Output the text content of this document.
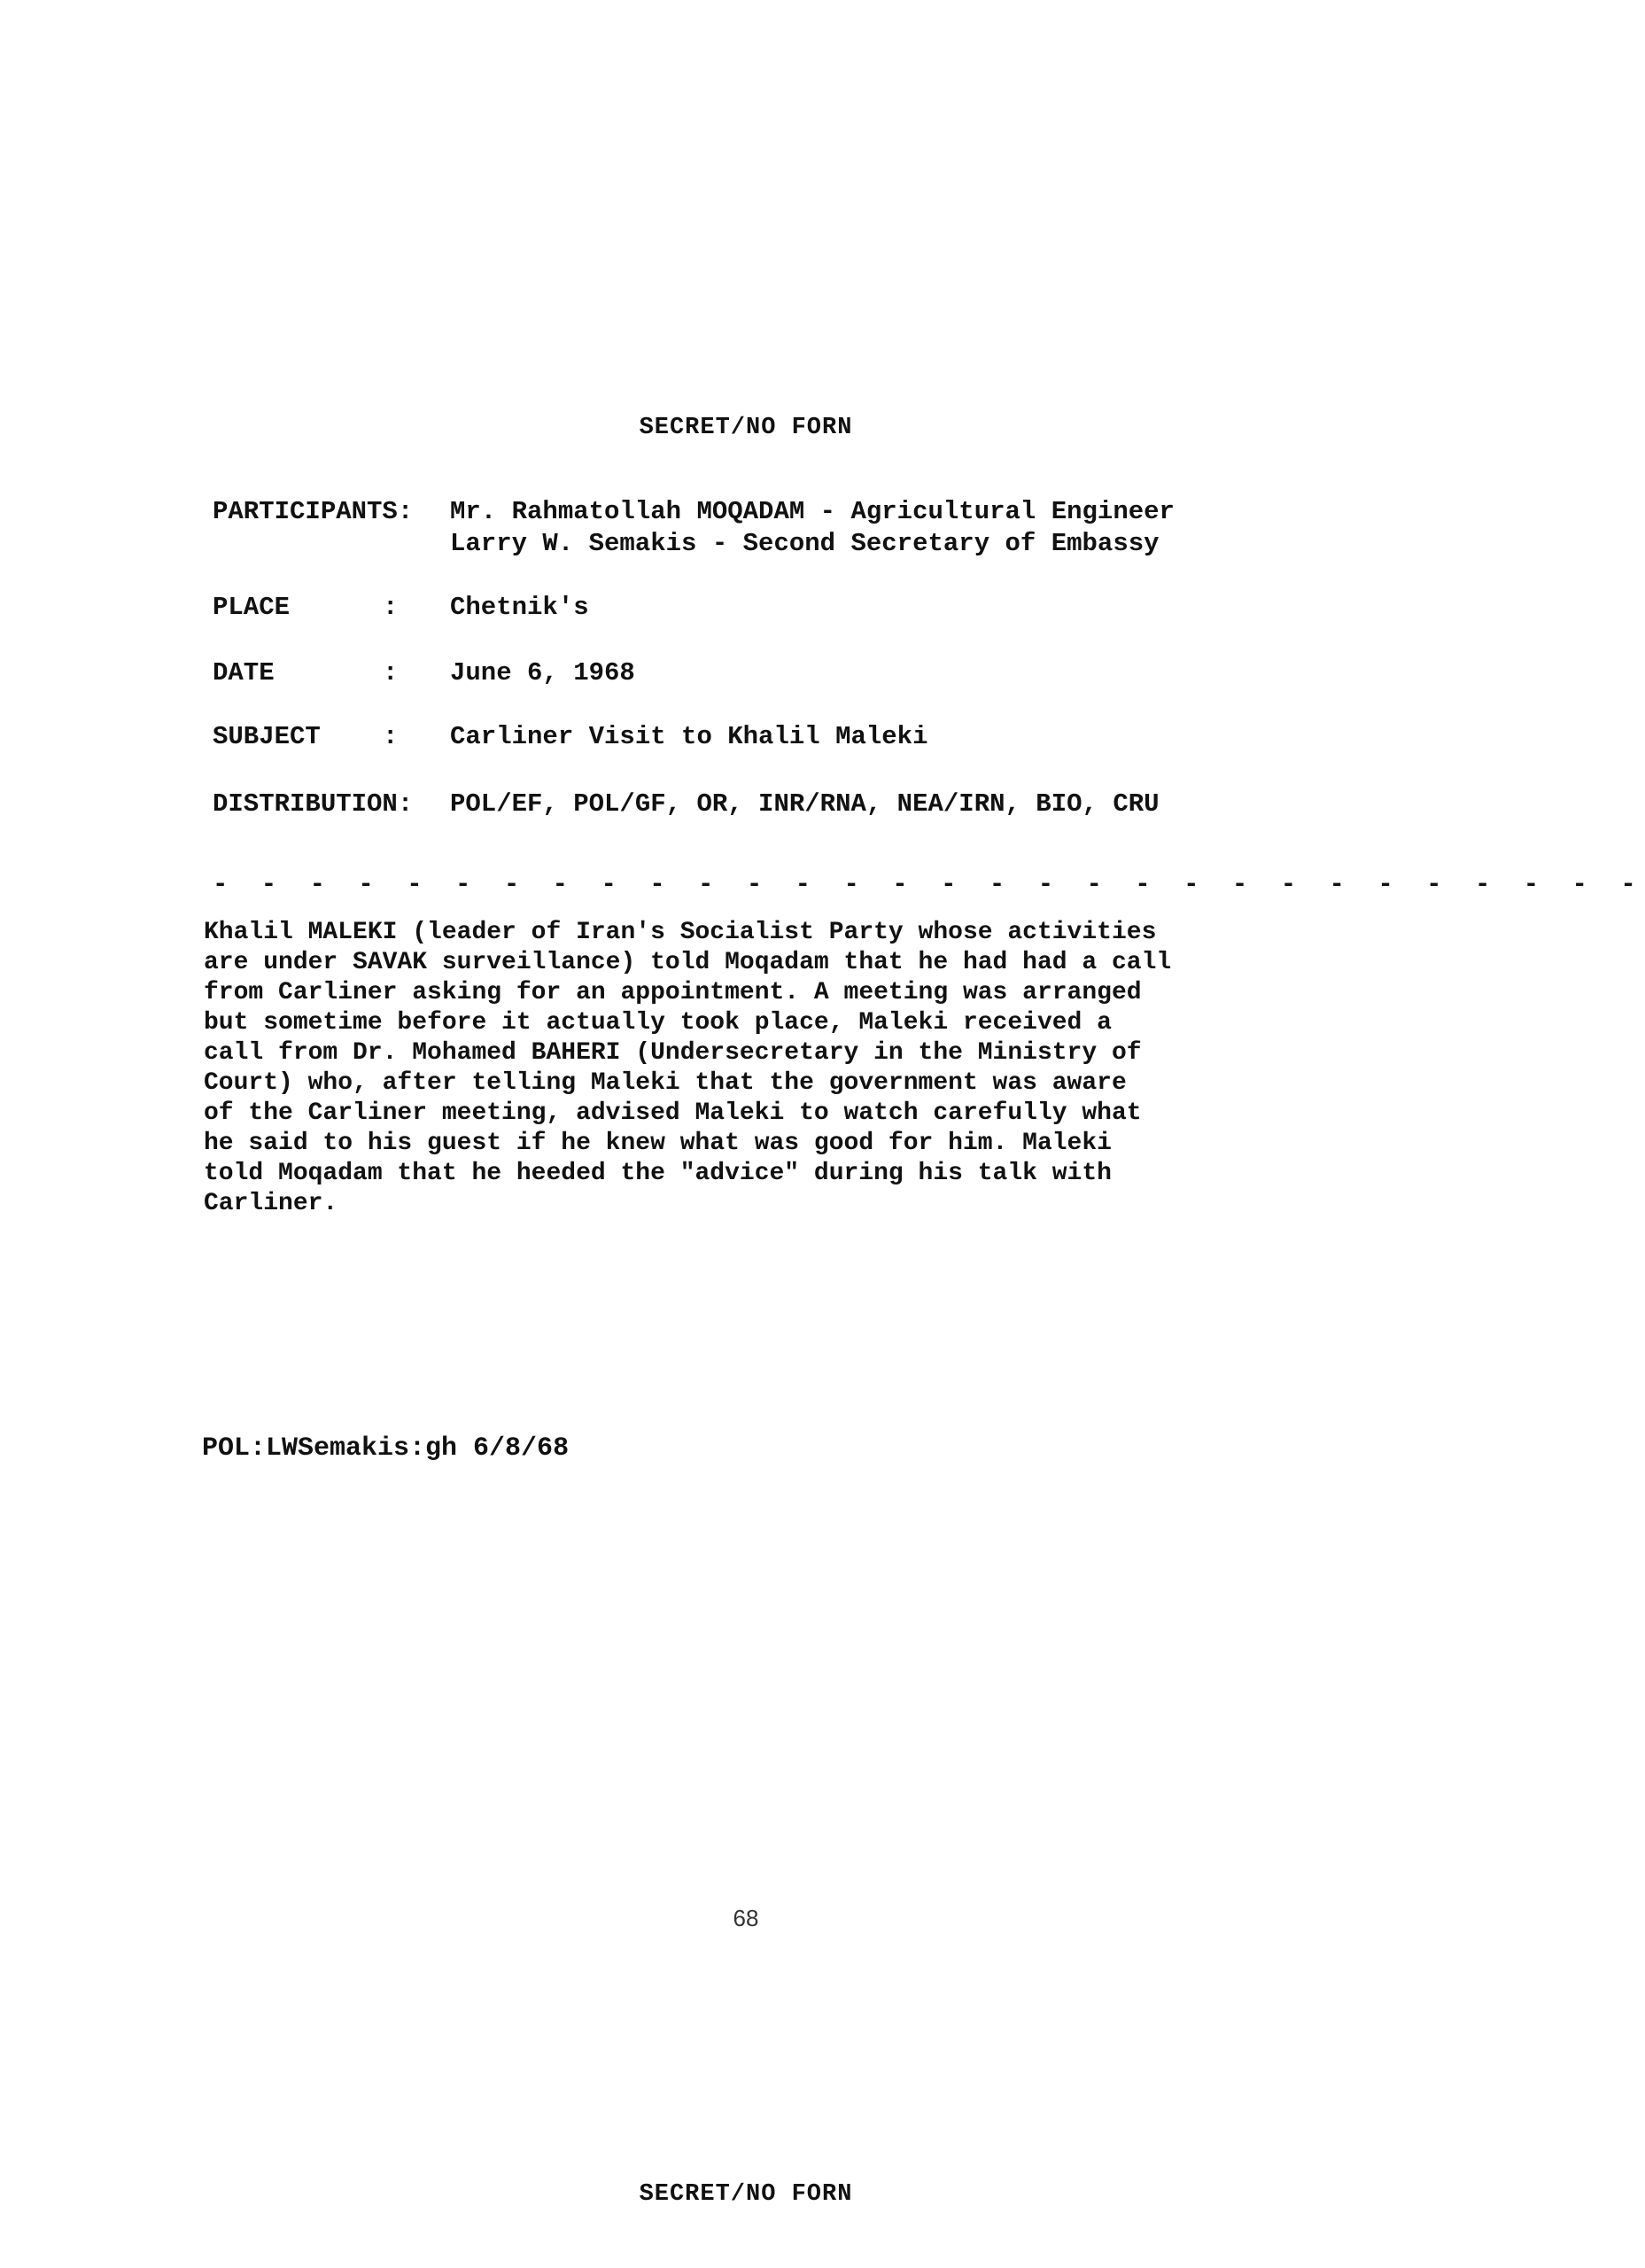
SECRET/NO FORN
PARTICIPANTS: Mr. Rahmatollah MOQADAM - Agricultural Engineer
Larry W. Semakis - Second Secretary of Embassy
PLACE	: Chetnik's
DATE	: June 6, 1968
SUBJECT	: Carliner Visit to Khalil Maleki
DISTRIBUTION: POL/EF, POL/GF, OR, INR/RNA, NEA/IRN, BIO, CRU
- - - - - - - - - - - - - - - - - - - - - - - - - - - - - -
Khalil MALEKI (leader of Iran's Socialist Party whose activities
are under SAVAK surveillance) told Moqadam that he had had a call
from Carliner asking for an appointment. A meeting was arranged
but sometime before it actually took place, Maleki received a
call from Dr. Mohamed BAHERI (Undersecretary in the Ministry of
Court) who, after telling Maleki that the government was aware
of the Carliner meeting, advised Maleki to watch carefully what
he said to his guest if he knew what was good for him. Maleki
told Moqadam that he heeded the "advice" during his talk with
Carliner.
POL:LWSemakis:gh 6/8/68
68
SECRET/NO FORN
